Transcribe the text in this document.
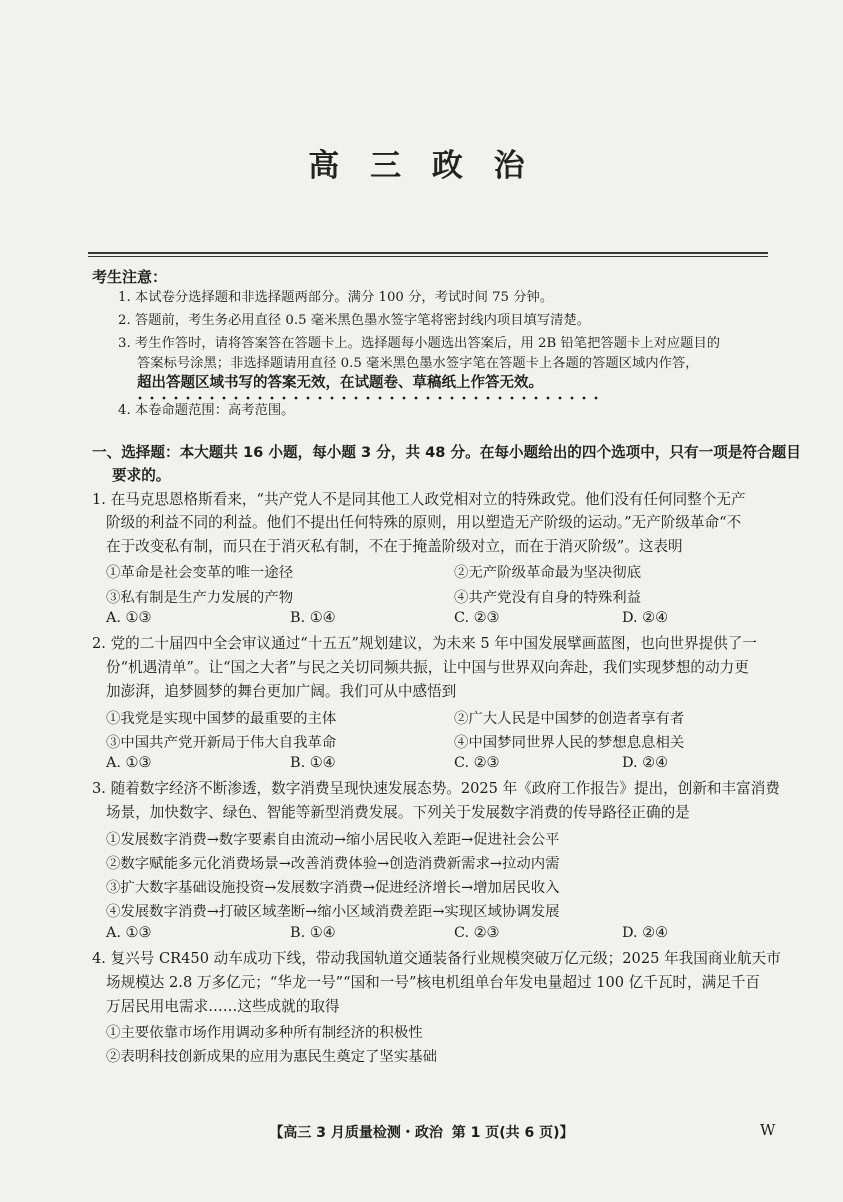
高 三 政 治
考生注意：
1. 本试卷分选择题和非选择题两部分。满分 100 分，考试时间 75 分钟。
2. 答题前，考生务必用直径 0.5 毫米黑色墨水签字笔将密封线内项目填写清楚。
3. 考生作答时，请将答案答在答题卡上。选择题每小题选出答案后，用 2B 铅笔把答题卡上对应题目的
答案标号涂黑；非选择题请用直径 0.5 毫米黑色墨水签字笔在答题卡上各题的答题区域内作答，
超出答题区域书写的答案无效，在试题卷、草稿纸上作答无效。
4. 本卷命题范围：高考范围。
一、选择题：本大题共 16 小题，每小题 3 分，共 48 分。在每小题给出的四个选项中，只有一项是符合题目
要求的。
1. 在马克思恩格斯看来，“共产党人不是同其他工人政党相对立的特殊政党。他们没有任何同整个无产
阶级的利益不同的利益。他们不提出任何特殊的原则，用以塑造无产阶级的运动。”无产阶级革命“不
在于改变私有制，而只在于消灭私有制，不在于掩盖阶级对立，而在于消灭阶级”。这表明
①革命是社会变革的唯一途径	②无产阶级革命最为坚决彻底
③私有制是生产力发展的产物	④共产党没有自身的特殊利益
A. ①③	B. ①④	C. ②③	D. ②④
2. 党的二十届四中全会审议通过“十五五”规划建议，为未来 5 年中国发展擘画蓝图，也向世界提供了一
份“机遇清单”。让“国之大者”与民之关切同频共振，让中国与世界双向奔赴，我们实现梦想的动力更
加澎湃，追梦圆梦的舞台更加广阔。我们可从中感悟到
①我党是实现中国梦的最重要的主体	②广大人民是中国梦的创造者享有者
③中国共产党开新局于伟大自我革命	④中国梦同世界人民的梦想息息相关
A. ①③	B. ①④	C. ②③	D. ②④
3. 随着数字经济不断渗透，数字消费呈现快速发展态势。2025 年《政府工作报告》提出，创新和丰富消费
场景，加快数字、绿色、智能等新型消费发展。下列关于发展数字消费的传导路径正确的是
①发展数字消费→数字要素自由流动→缩小居民收入差距→促进社会公平
②数字赋能多元化消费场景→改善消费体验→创造消费新需求→拉动内需
③扩大数字基础设施投资→发展数字消费→促进经济增长→增加居民收入
④发展数字消费→打破区域垄断→缩小区域消费差距→实现区域协调发展
A. ①③	B. ①④	C. ②③	D. ②④
4. 复兴号 CR450 动车成功下线，带动我国轨道交通装备行业规模突破万亿元级；2025 年我国商业航天市
场规模达 2.8 万多亿元；“华龙一号”“国和一号”核电机组单台年发电量超过 100 亿千瓦时，满足千百
万居民用电需求……这些成就的取得
①主要依靠市场作用调动多种所有制经济的积极性
②表明科技创新成果的应用为惠民生奠定了坚实基础
【高三 3 月质量检测・政治 第 1 页(共 6 页)】	W
